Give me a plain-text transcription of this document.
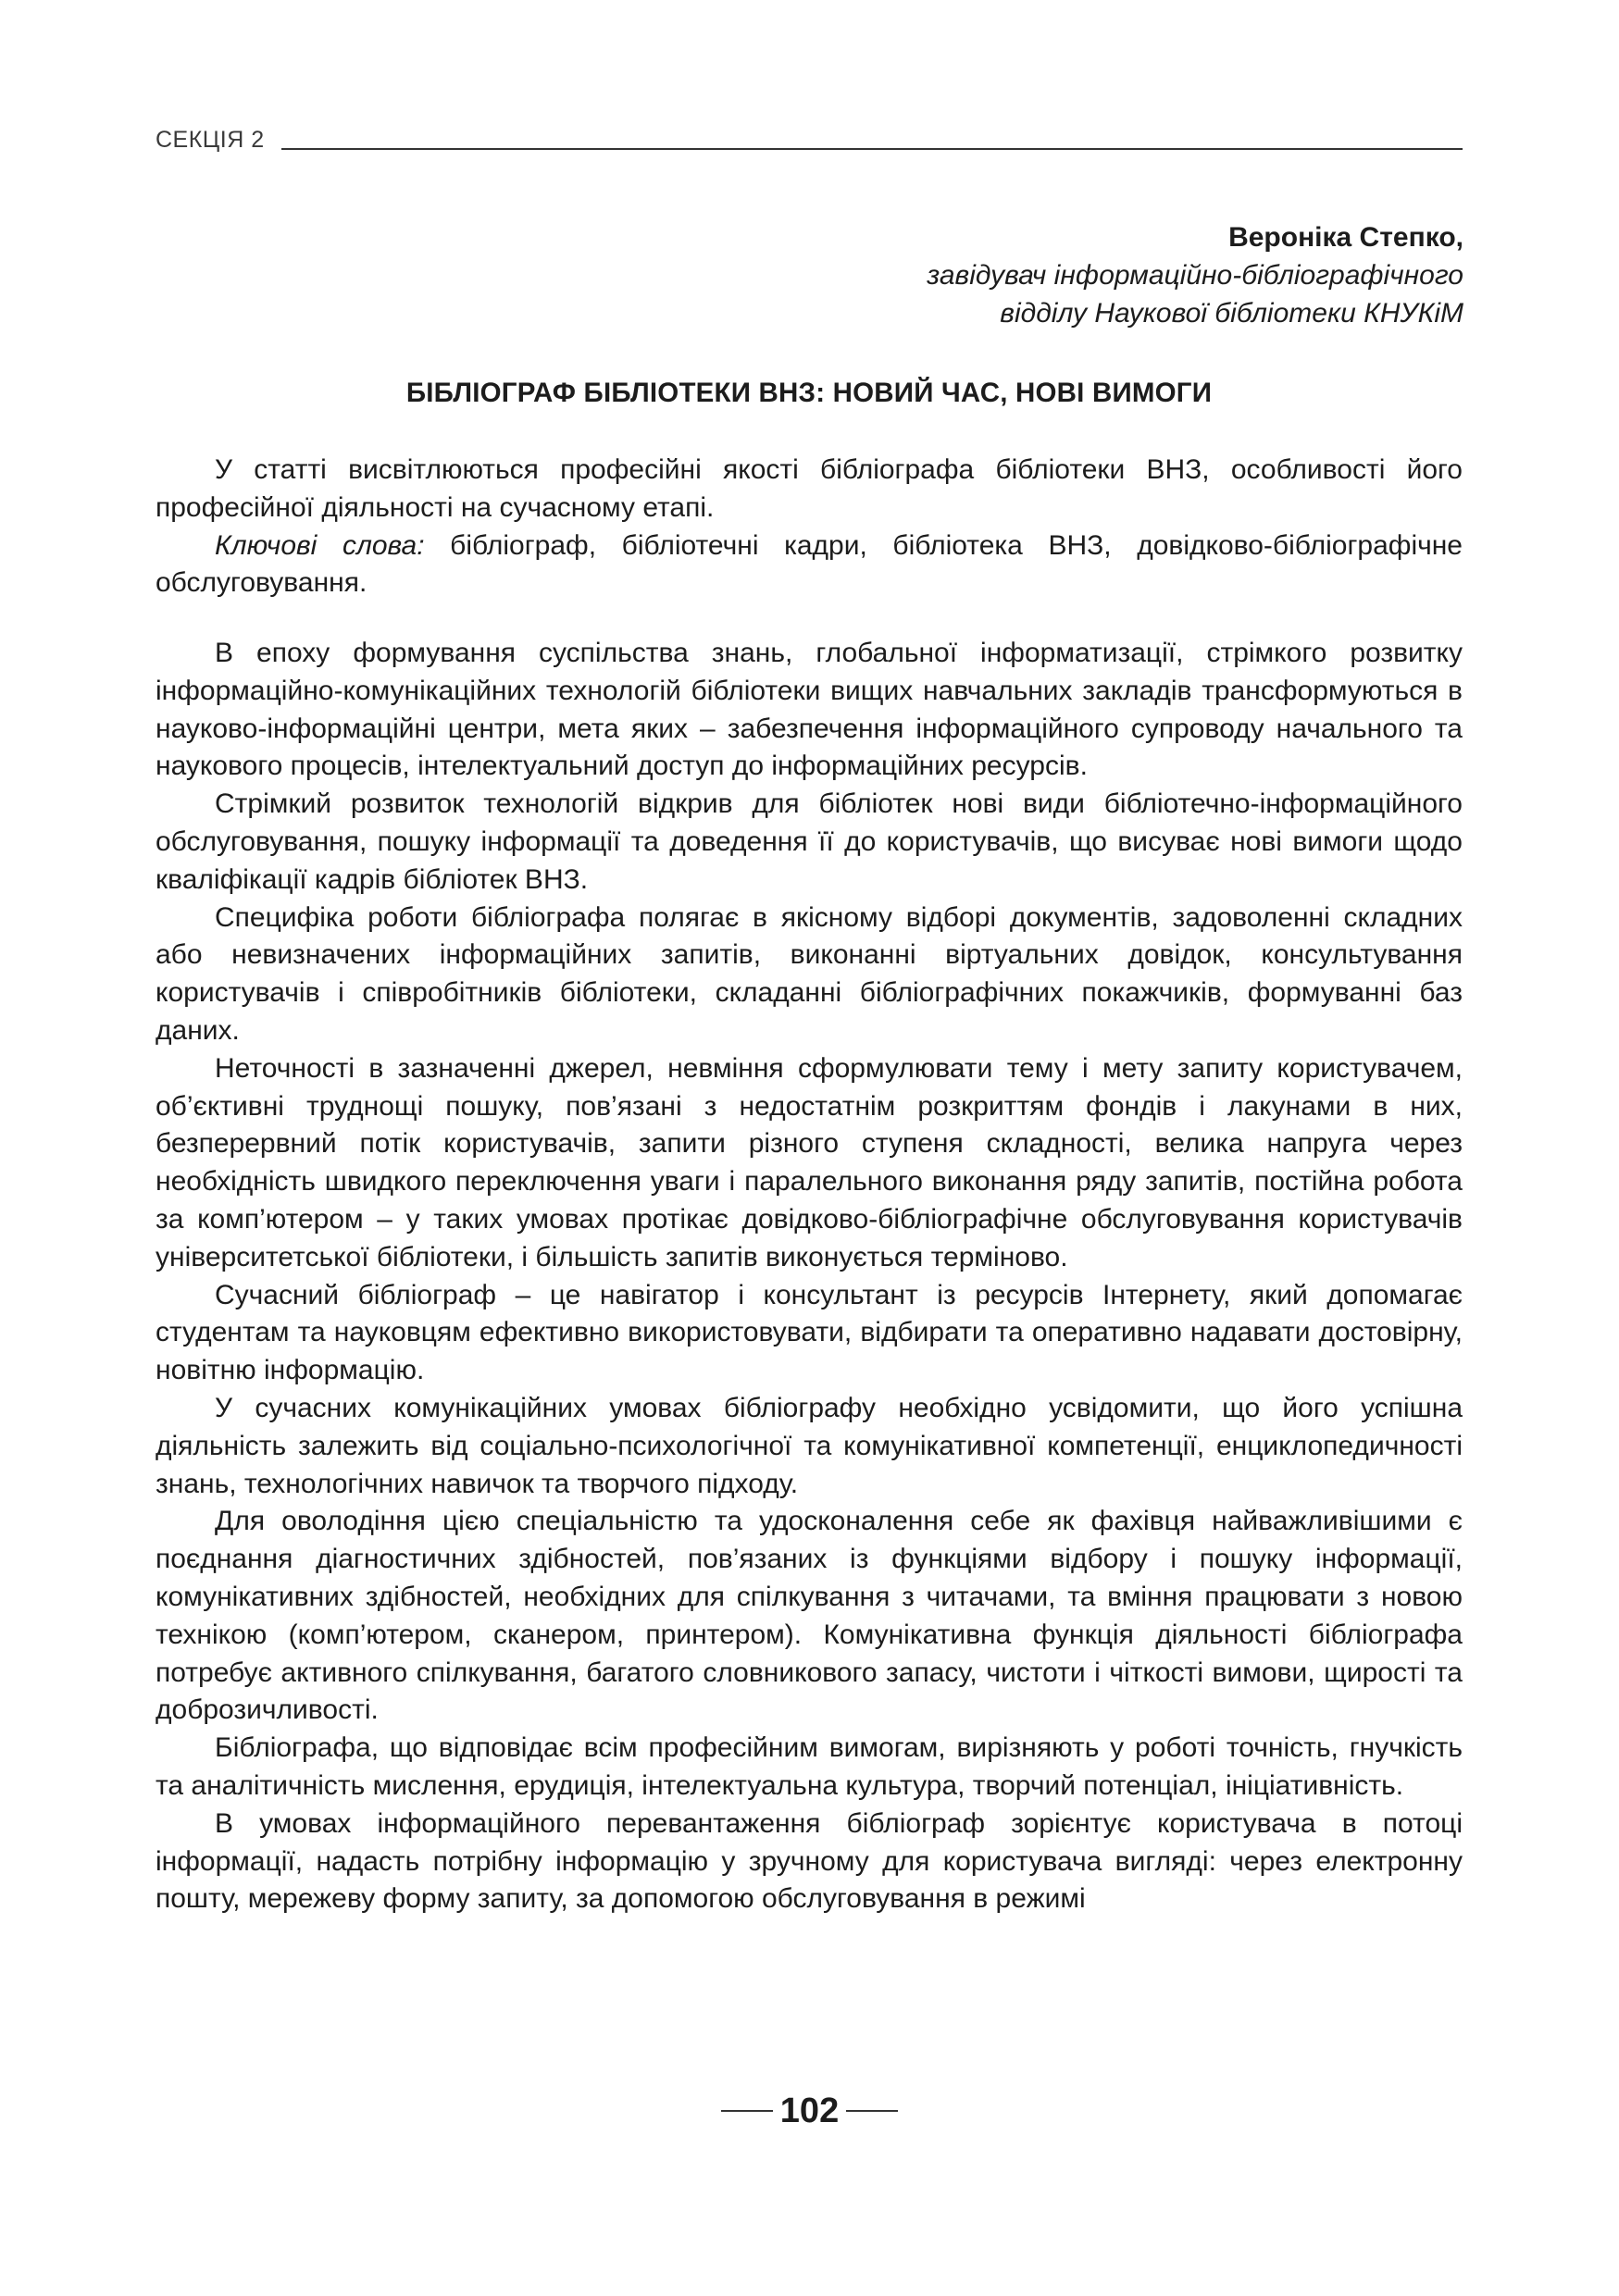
СЕКЦІЯ 2
Вероніка Степко,
завідувач інформаційно-бібліографічного
відділу Наукової бібліотеки КНУКіМ
БІБЛІОГРАФ БІБЛІОТЕКИ ВНЗ: НОВИЙ ЧАС, НОВІ ВИМОГИ

У статті висвітлюються професійні якості бібліографа бібліотеки ВНЗ, особливості його професійної діяльності на сучасному етапі.

Ключові слова: бібліограф, бібліотечні кадри, бібліотека ВНЗ, довідково-бібліографічне обслуговування.

В епоху формування суспільства знань, глобальної інформатизації, стрімкого розвитку інформаційно-комунікаційних технологій бібліотеки вищих навчальних закладів трансформуються в науково-інформаційні центри, мета яких – забезпечення інформаційного супроводу начального та наукового процесів, інтелектуальний доступ до інформаційних ресурсів.

Стрімкий розвиток технологій відкрив для бібліотек нові види бібліотечно-інформаційного обслуговування, пошуку інформації та доведення її до користувачів, що висуває нові вимоги щодо кваліфікації кадрів бібліотек ВНЗ.

Специфіка роботи бібліографа полягає в якісному відборі документів, задоволенні складних або невизначених інформаційних запитів, виконанні віртуальних довідок, консультування користувачів і співробітників бібліотеки, складанні бібліографічних покажчиків, формуванні баз даних.

Неточності в зазначенні джерел, невміння сформулювати тему і мету запиту користувачем, об’єктивні труднощі пошуку, пов’язані з недостатнім розкриттям фондів і лакунами в них, безперервний потік користувачів, запити різного ступеня складності, велика напруга через необхідність швидкого переключення уваги і паралельного виконання ряду запитів, постійна робота за комп’ютером – у таких умовах протікає довідково-бібліографічне обслуговування користувачів університетської бібліотеки, і більшість запитів виконується терміново.

Сучасний бібліограф – це навігатор і консультант із ресурсів Інтернету, який допомагає студентам та науковцям ефективно використовувати, відбирати та оперативно надавати достовірну, новітню інформацію.

У сучасних комунікаційних умовах бібліографу необхідно усвідомити, що його успішна діяльність залежить від соціально-психологічної та комунікативної компетенції, енциклопедичності знань, технологічних навичок та творчого підходу.

Для оволодіння цією спеціальністю та удосконалення себе як фахівця найважливішими є поєднання діагностичних здібностей, пов’язаних із функціями відбору і пошуку інформації, комунікативних здібностей, необхідних для спілкування з читачами, та вміння працювати з новою технікою (комп’ютером, сканером, принтером). Комунікативна функція діяльності бібліографа потребує активного спілкування, багатого словникового запасу, чистоти і чіткості вимови, щирості та доброзичливості.

Бібліографа, що відповідає всім професійним вимогам, вирізняють у роботі точність, гнучкість та аналітичність мислення, ерудиція, інтелектуальна культура, творчий потенціал, ініціативність.

В умовах інформаційного перевантаження бібліограф зорієнтує користувача в потоці інформації, надасть потрібну інформацію у зручному для користувача вигляді: через електронну пошту, мережеву форму запиту, за допомогою обслуговування в режимі

102
